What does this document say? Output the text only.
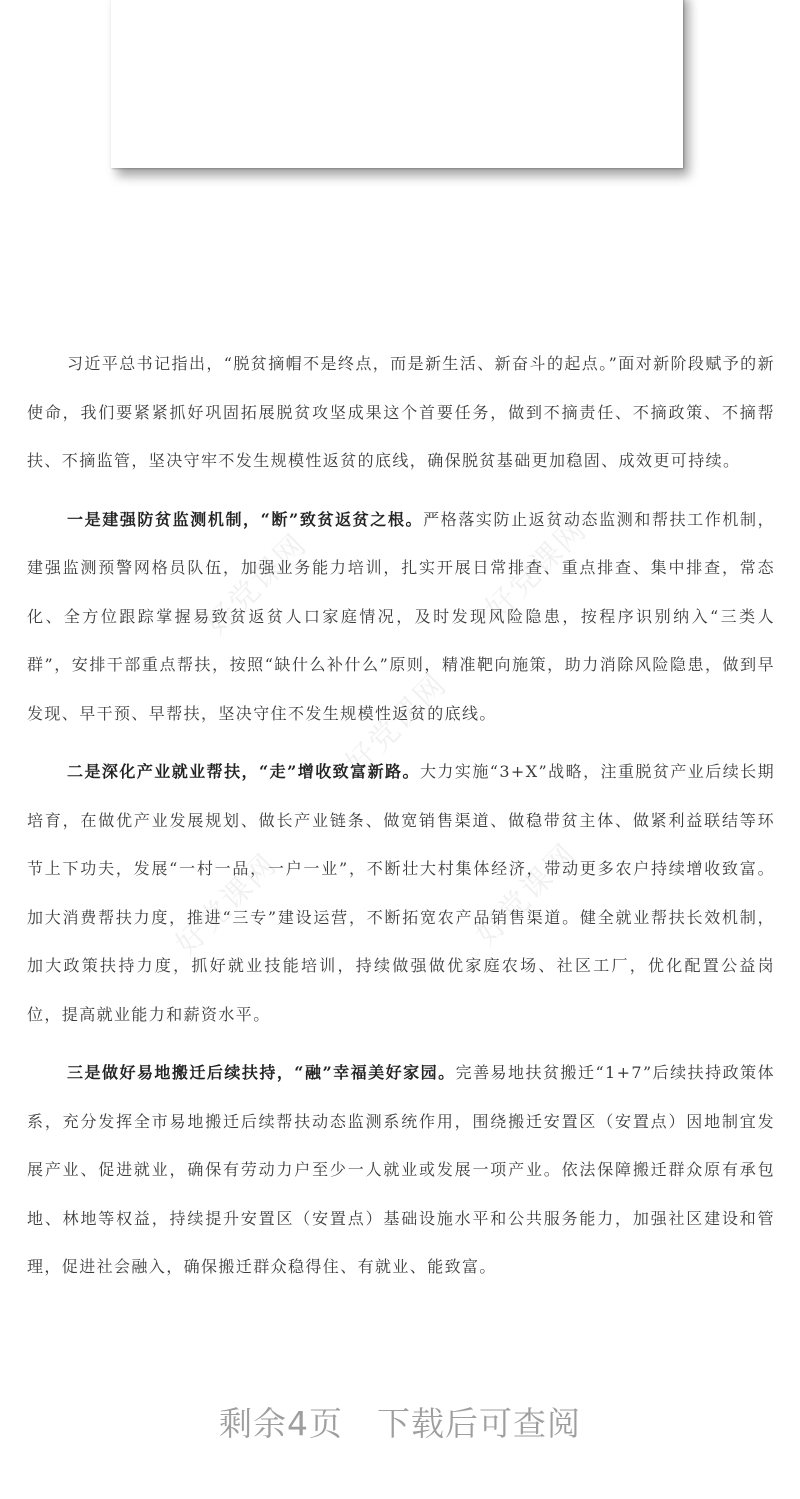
好党课网	好党课网
好党课网
好党课网	好党课网

习近平总书记指出，“脱贫摘帽不是终点，而是新生活、新奋斗的起点。”面对新阶段赋予的新使命，我们要紧紧抓好巩固拓展脱贫攻坚成果这个首要任务，做到不摘责任、不摘政策、不摘帮扶、不摘监管，坚决守牢不发生规模性返贫的底线，确保脱贫基础更加稳固、成效更可持续。

一是建强防贫监测机制，“断”致贫返贫之根。严格落实防止返贫动态监测和帮扶工作机制，建强监测预警网格员队伍，加强业务能力培训，扎实开展日常排查、重点排查、集中排查，常态化、全方位跟踪掌握易致贫返贫人口家庭情况，及时发现风险隐患，按程序识别纳入“三类人群”，安排干部重点帮扶，按照“缺什么补什么”原则，精准靶向施策，助力消除风险隐患，做到早发现、早干预、早帮扶，坚决守住不发生规模性返贫的底线。

二是深化产业就业帮扶，“走”增收致富新路。大力实施“3+X”战略，注重脱贫产业后续长期培育，在做优产业发展规划、做长产业链条、做宽销售渠道、做稳带贫主体、做紧利益联结等环节上下功夫，发展“一村一品，一户一业”，不断壮大村集体经济，带动更多农户持续增收致富。加大消费帮扶力度，推进“三专”建设运营，不断拓宽农产品销售渠道。健全就业帮扶长效机制，加大政策扶持力度，抓好就业技能培训，持续做强做优家庭农场、社区工厂，优化配置公益岗位，提高就业能力和薪资水平。

三是做好易地搬迁后续扶持，“融”幸福美好家园。完善易地扶贫搬迁“1+7”后续扶持政策体系，充分发挥全市易地搬迁后续帮扶动态监测系统作用，围绕搬迁安置区（安置点）因地制宜发展产业、促进就业，确保有劳动力户至少一人就业或发展一项产业。依法保障搬迁群众原有承包地、林地等权益，持续提升安置区（安置点）基础设施水平和公共服务能力，加强社区建设和管理，促进社会融入，确保搬迁群众稳得住、有就业、能致富。

剩余4页 下载后可查阅
